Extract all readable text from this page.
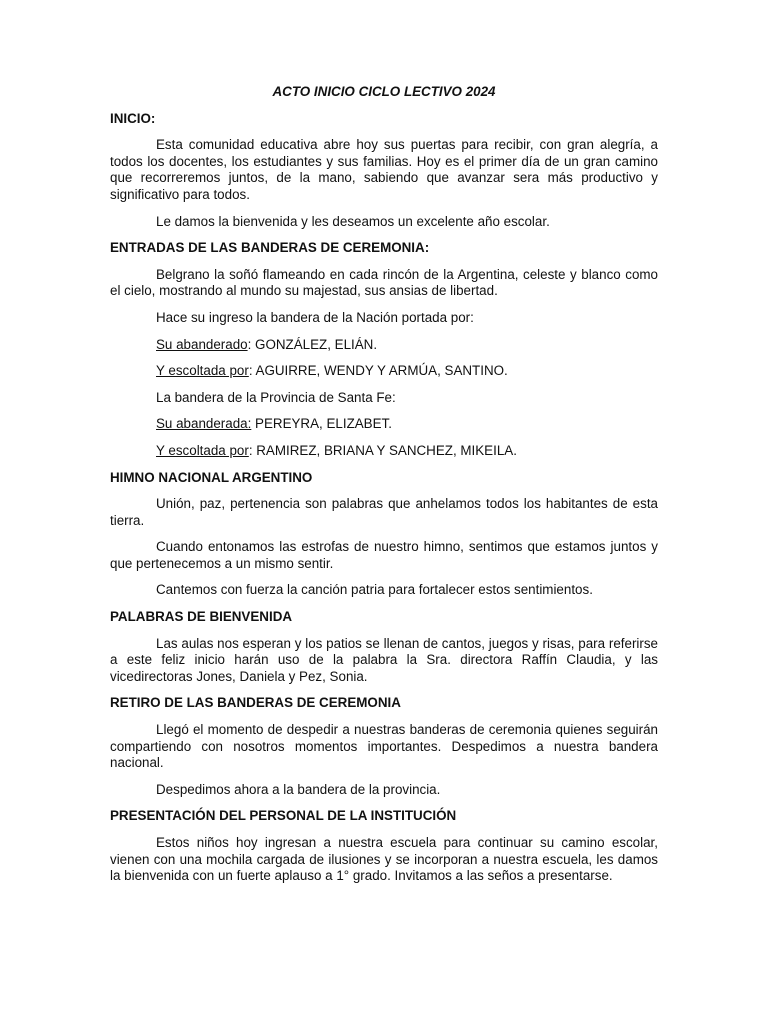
ACTO INICIO CICLO LECTIVO 2024
INICIO:

Esta comunidad educativa abre hoy sus puertas para recibir, con gran alegría, a todos los docentes, los estudiantes y sus familias. Hoy es el primer día de un gran camino que recorreremos juntos, de la mano, sabiendo que avanzar sera más productivo y significativo para todos.

Le damos la bienvenida y les deseamos un excelente año escolar.

ENTRADAS DE LAS BANDERAS DE CEREMONIA:

Belgrano la soñó flameando en cada rincón de la Argentina, celeste y blanco como el cielo, mostrando al mundo su majestad, sus ansias de libertad.

Hace su ingreso la bandera de la Nación portada por:

Su abanderado: GONZÁLEZ, ELIÁN.

Y escoltada por: AGUIRRE, WENDY Y ARMÚA, SANTINO.

La bandera de la Provincia de Santa Fe:

Su abanderada: PEREYRA, ELIZABET.

Y escoltada por: RAMIREZ, BRIANA Y SANCHEZ, MIKEILA.

HIMNO NACIONAL ARGENTINO

Unión, paz, pertenencia son palabras que anhelamos todos los habitantes de esta tierra.

Cuando entonamos las estrofas de nuestro himno, sentimos que estamos juntos y que pertenecemos a un mismo sentir.

Cantemos con fuerza la canción patria para fortalecer estos sentimientos.

PALABRAS DE BIENVENIDA

Las aulas nos esperan y los patios se llenan de cantos, juegos y risas, para referirse a este feliz inicio harán uso de la palabra la Sra. directora Raffín Claudia, y las vicedirectoras Jones, Daniela y Pez, Sonia.

RETIRO DE LAS BANDERAS DE CEREMONIA

Llegó el momento de despedir a nuestras banderas de ceremonia quienes seguirán compartiendo con nosotros momentos importantes. Despedimos a nuestra bandera nacional.

Despedimos ahora a la bandera de la provincia.

PRESENTACIÓN DEL PERSONAL DE LA INSTITUCIÓN

Estos niños hoy ingresan a nuestra escuela para continuar su camino escolar, vienen con una mochila cargada de ilusiones y se incorporan a nuestra escuela, les damos la bienvenida con un fuerte aplauso a 1° grado. Invitamos a las seños a presentarse.
